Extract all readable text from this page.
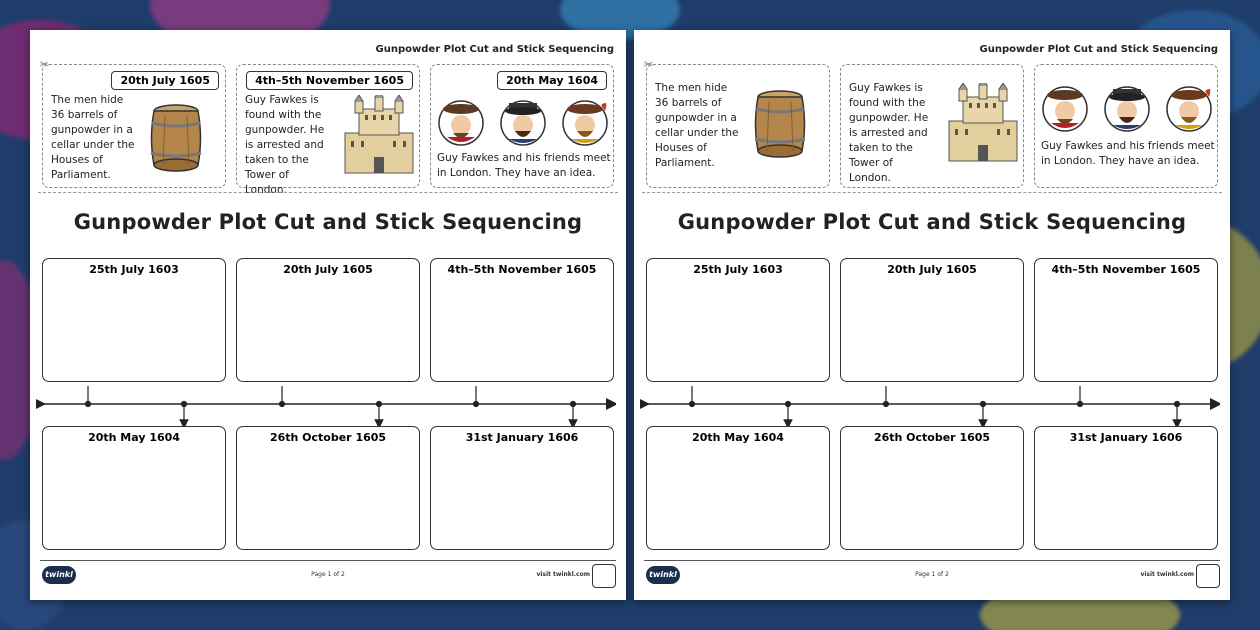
Gunpowder Plot Cut and Stick Sequencing
✂
20th July 1605
The men hide 36 barrels of gunpowder in a cellar under the Houses of Parliament.
4th–5th November 1605
Guy Fawkes is found with the gunpowder. He is arrested and taken to the Tower of London.
20th May 1604
Guy Fawkes and his friends meet in London. They have an idea.
Gunpowder Plot Cut and Stick Sequencing
25th July 1603	20th July 1605	4th–5th November 1605
20th May 1604	26th October 1605	31st January 1606
twinkl	Page 1 of 2	visit twinkl.com
Gunpowder Plot Cut and Stick Sequencing
✂
The men hide 36 barrels of gunpowder in a cellar under the Houses of Parliament.
Guy Fawkes is found with the gunpowder. He is arrested and taken to the Tower of London.
Guy Fawkes and his friends meet in London. They have an idea.
Gunpowder Plot Cut and Stick Sequencing
25th July 1603	20th July 1605	4th–5th November 1605
20th May 1604	26th October 1605	31st January 1606
twinkl	Page 1 of 2	visit twinkl.com
